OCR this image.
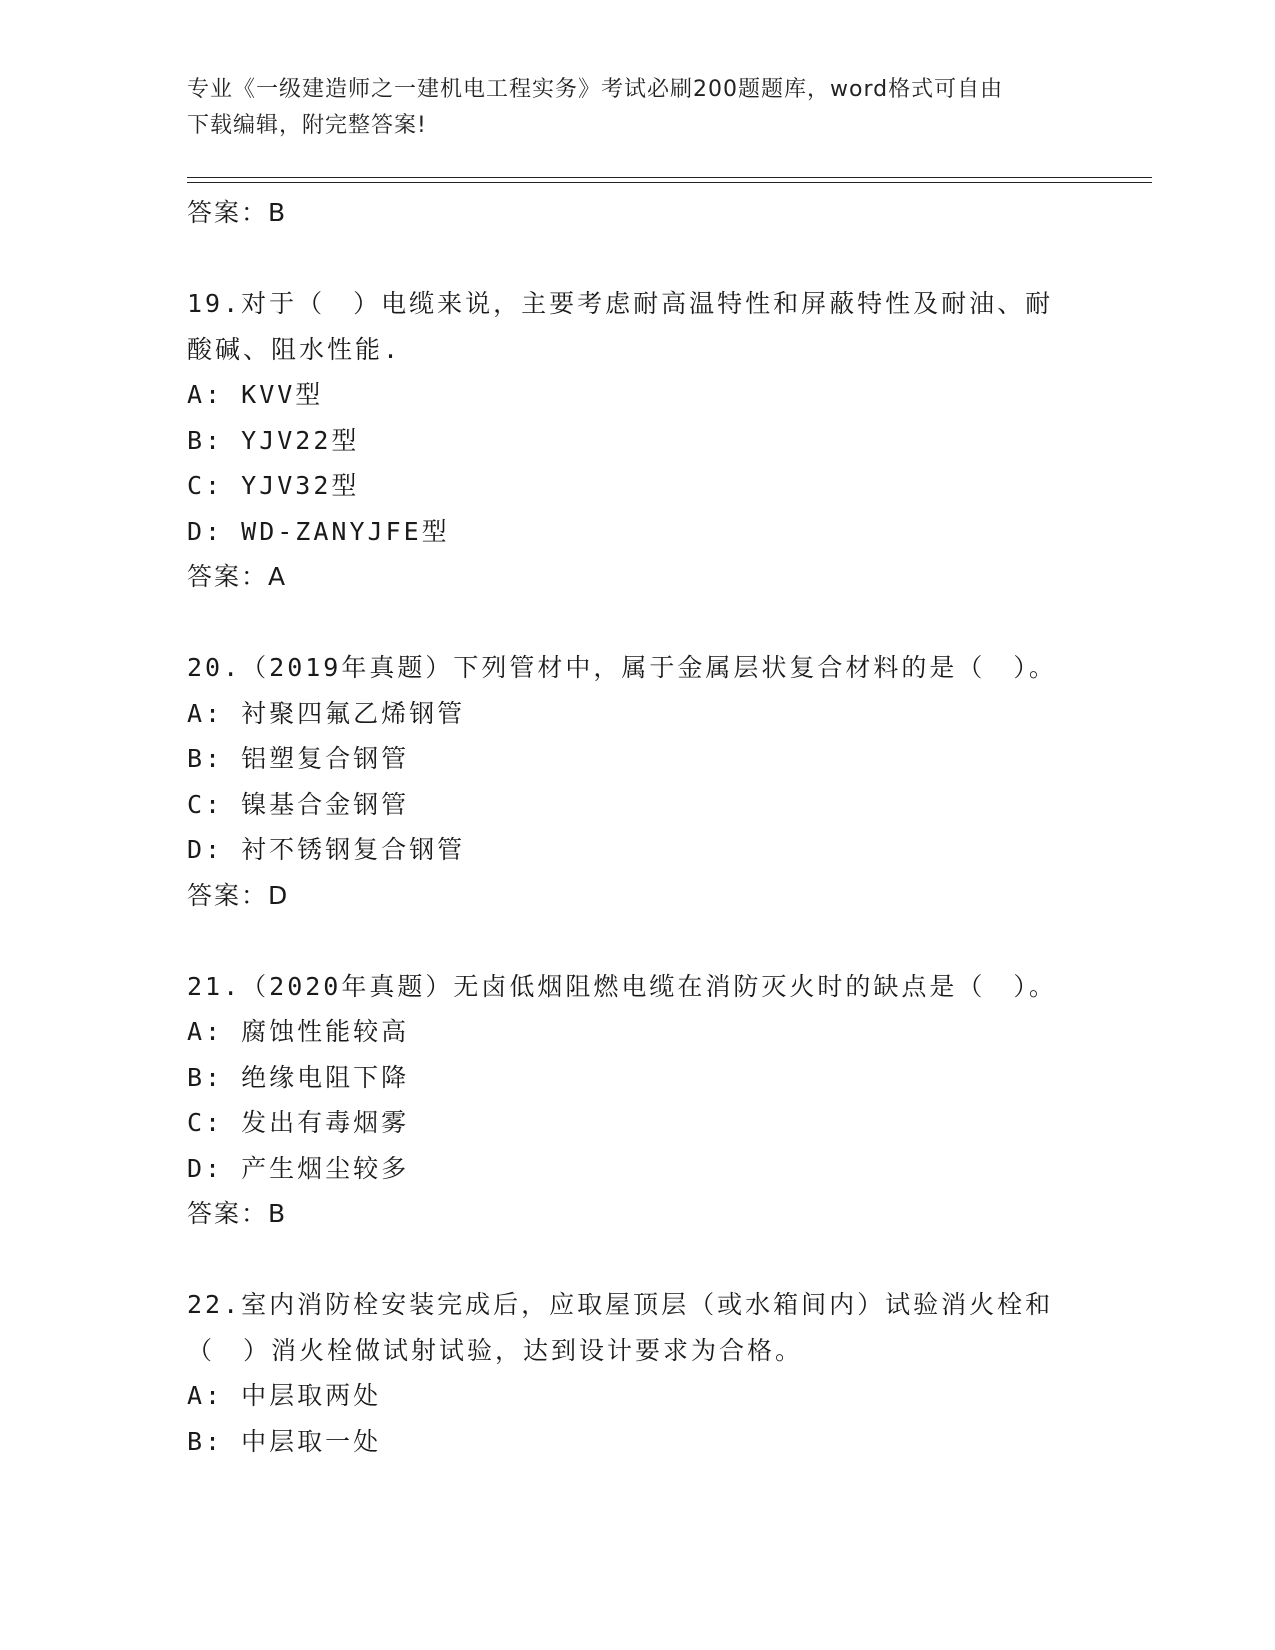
专业《一级建造师之一建机电工程实务》考试必刷200题题库，word格式可自由
下载编辑，附完整答案!
答案：B
19.对于（　）电缆来说，主要考虑耐高温特性和屏蔽特性及耐油、耐
酸碱、阻水性能.
A: KVV型
B: YJV22型
C: YJV32型
D: WD-ZANYJFE型
答案：A
20.（2019年真题）下列管材中，属于金属层状复合材料的是（　）。
A: 衬聚四氟乙烯钢管
B: 铝塑复合钢管
C: 镍基合金钢管
D: 衬不锈钢复合钢管
答案：D
21.（2020年真题）无卤低烟阻燃电缆在消防灭火时的缺点是（　）。
A: 腐蚀性能较高
B: 绝缘电阻下降
C: 发出有毒烟雾
D: 产生烟尘较多
答案：B
22.室内消防栓安装完成后，应取屋顶层（或水箱间内）试验消火栓和
（　）消火栓做试射试验，达到设计要求为合格。
A: 中层取两处
B: 中层取一处
